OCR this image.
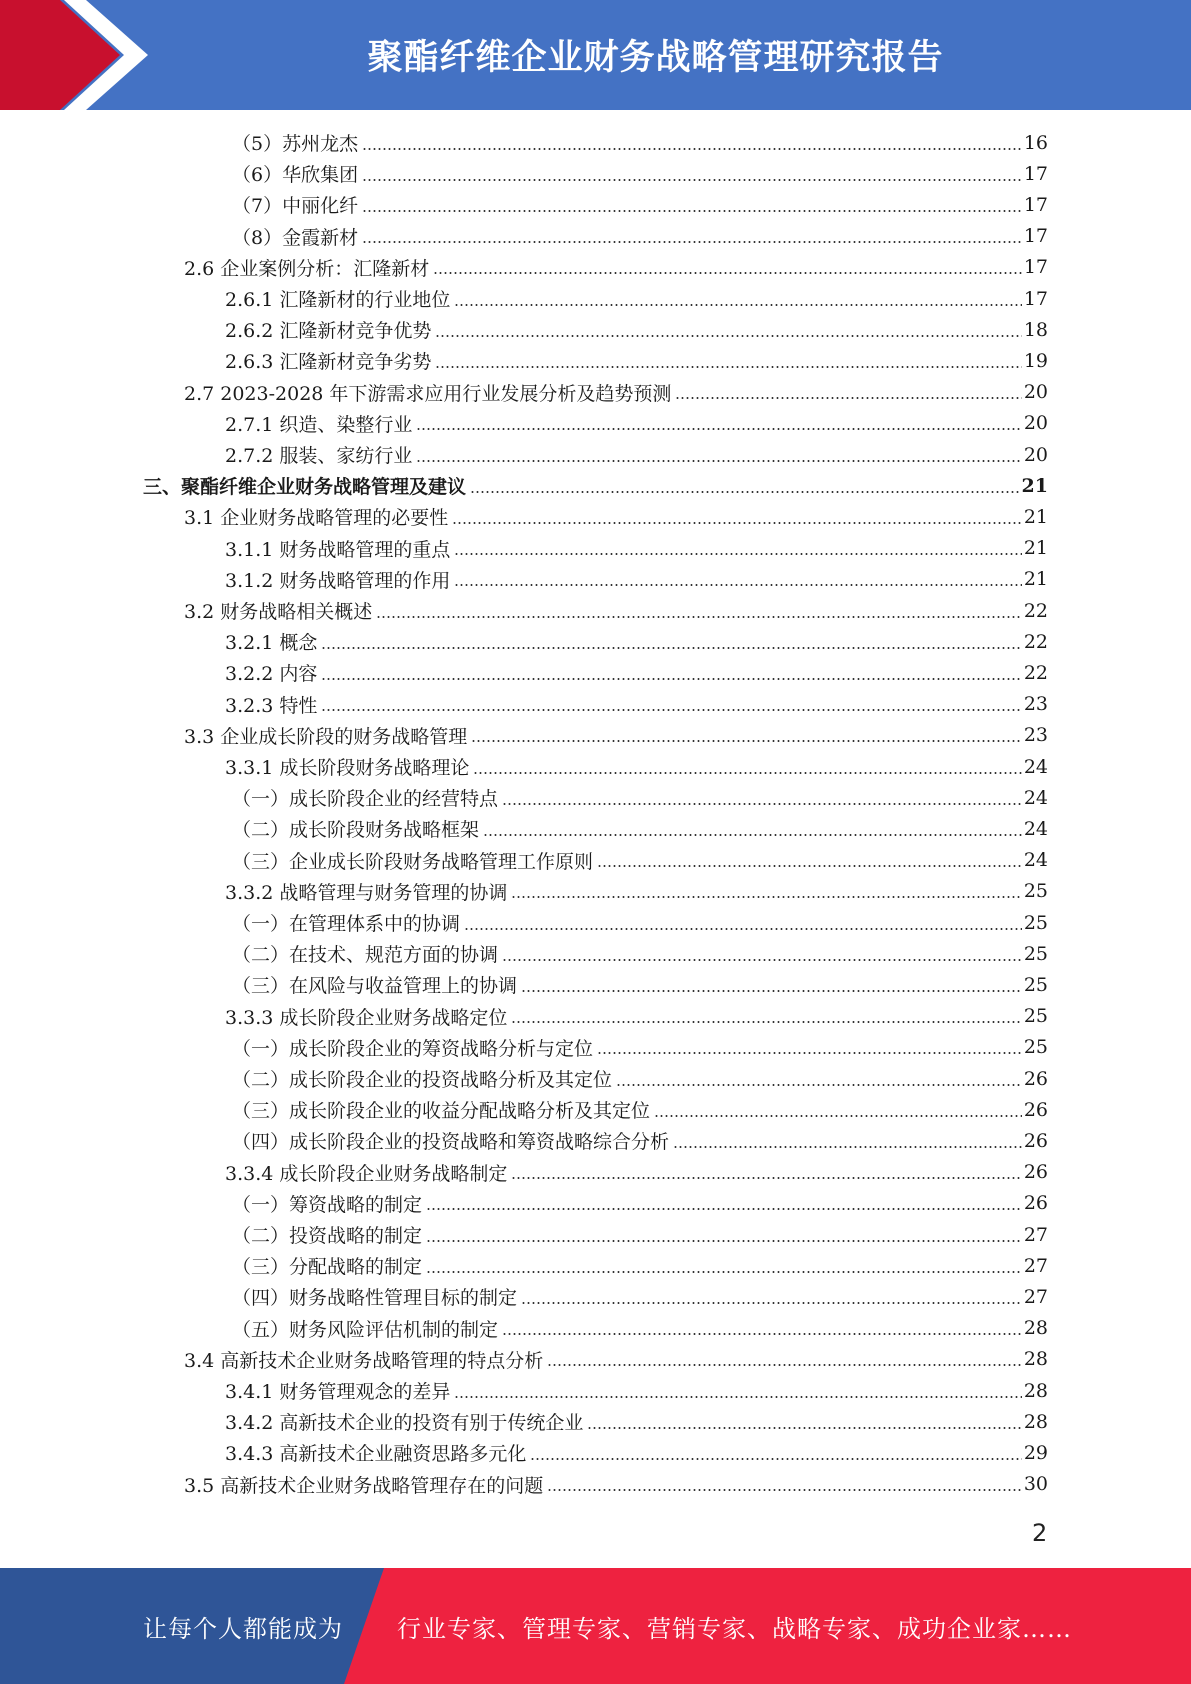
聚酯纤维企业财务战略管理研究报告
（5）苏州龙杰	16
（6）华欣集团	17
（7）中丽化纤	17
（8）金霞新材	17
2.6 企业案例分析：汇隆新材	17
2.6.1 汇隆新材的行业地位	17
2.6.2 汇隆新材竞争优势	18
2.6.3 汇隆新材竞争劣势	19
2.7 2023-2028 年下游需求应用行业发展分析及趋势预测	20
2.7.1 织造、染整行业	20
2.7.2 服装、家纺行业	20
三、聚酯纤维企业财务战略管理及建议	21
3.1 企业财务战略管理的必要性	21
3.1.1 财务战略管理的重点	21
3.1.2 财务战略管理的作用	21
3.2 财务战略相关概述	22
3.2.1 概念	22
3.2.2 内容	22
3.2.3 特性	23
3.3 企业成长阶段的财务战略管理	23
3.3.1 成长阶段财务战略理论	24
（一）成长阶段企业的经营特点	24
（二）成长阶段财务战略框架	24
（三）企业成长阶段财务战略管理工作原则	24
3.3.2 战略管理与财务管理的协调	25
（一）在管理体系中的协调	25
（二）在技术、规范方面的协调	25
（三）在风险与收益管理上的协调	25
3.3.3 成长阶段企业财务战略定位	25
（一）成长阶段企业的筹资战略分析与定位	25
（二）成长阶段企业的投资战略分析及其定位	26
（三）成长阶段企业的收益分配战略分析及其定位	26
（四）成长阶段企业的投资战略和筹资战略综合分析	26
3.3.4 成长阶段企业财务战略制定	26
（一）筹资战略的制定	26
（二）投资战略的制定	27
（三）分配战略的制定	27
（四）财务战略性管理目标的制定	27
（五）财务风险评估机制的制定	28
3.4 高新技术企业财务战略管理的特点分析	28
3.4.1 财务管理观念的差异	28
3.4.2 高新技术企业的投资有别于传统企业	28
3.4.3 高新技术企业融资思路多元化	29
3.5 高新技术企业财务战略管理存在的问题	30
2
让每个人都能成为 行业专家、管理专家、营销专家、战略专家、成功企业家……
